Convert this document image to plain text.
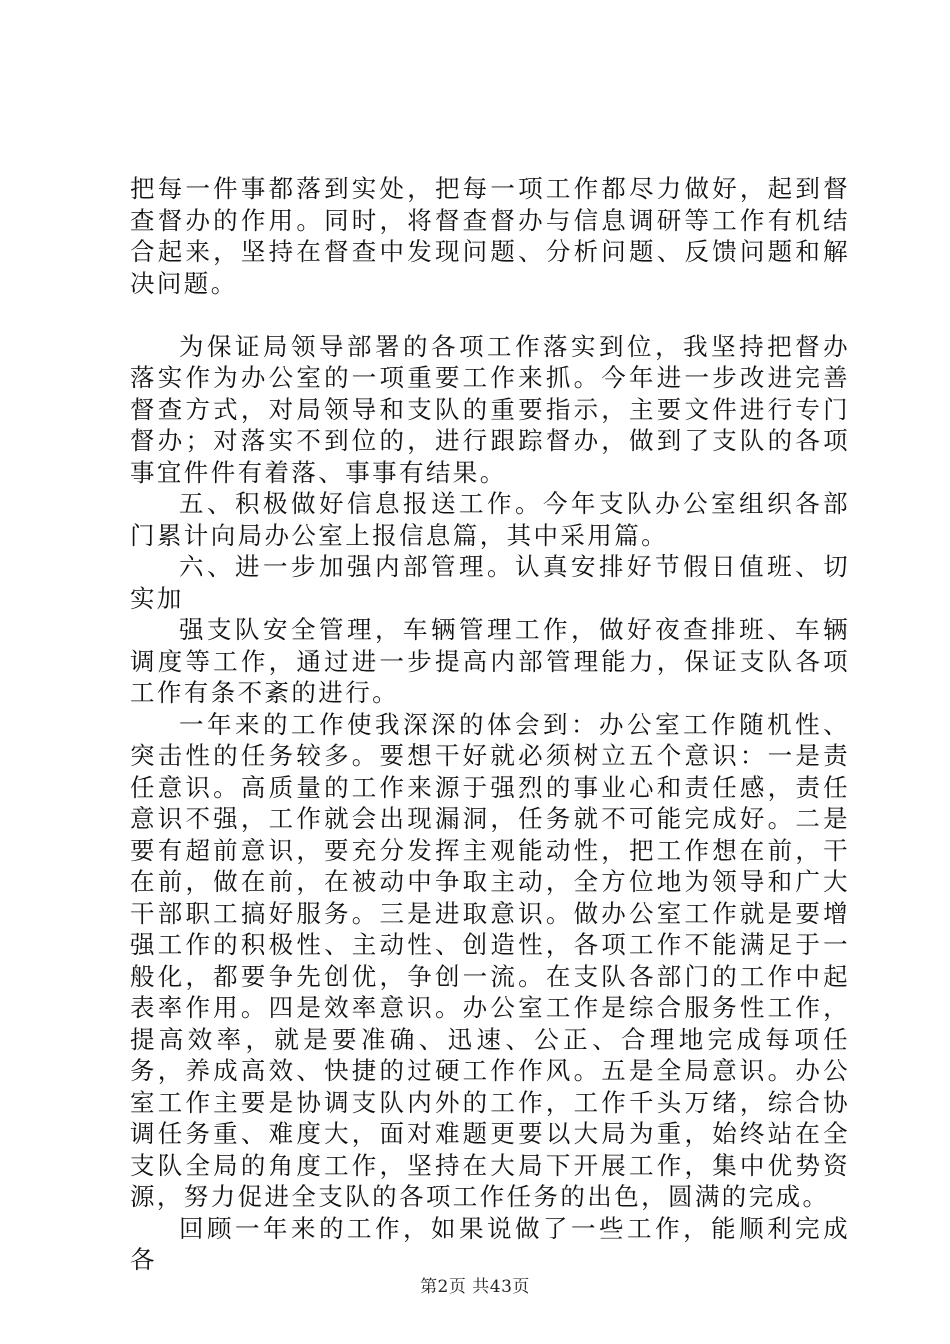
把每一件事都落到实处，把每一项工作都尽力做好，起到督查督办的作用。同时，将督查督办与信息调研等工作有机结合起来，坚持在督查中发现问题、分析问题、反馈问题和解决问题。

为保证局领导部署的各项工作落实到位，我坚持把督办落实作为办公室的一项重要工作来抓。今年进一步改进完善督查方式，对局领导和支队的重要指示，主要文件进行专门督办；对落实不到位的，进行跟踪督办，做到了支队的各项事宜件件有着落、事事有结果。

五、积极做好信息报送工作。今年支队办公室组织各部门累计向局办公室上报信息篇，其中采用篇。

六、进一步加强内部管理。认真安排好节假日值班、切实加

强支队安全管理，车辆管理工作，做好夜查排班、车辆调度等工作，通过进一步提高内部管理能力，保证支队各项工作有条不紊的进行。

一年来的工作使我深深的体会到：办公室工作随机性、突击性的任务较多。要想干好就必须树立五个意识：一是责任意识。高质量的工作来源于强烈的事业心和责任感，责任意识不强，工作就会出现漏洞，任务就不可能完成好。二是要有超前意识，要充分发挥主观能动性，把工作想在前，干在前，做在前，在被动中争取主动，全方位地为领导和广大干部职工搞好服务。三是进取意识。做办公室工作就是要增强工作的积极性、主动性、创造性，各项工作不能满足于一般化，都要争先创优，争创一流。在支队各部门的工作中起表率作用。四是效率意识。办公室工作是综合服务性工作，提高效率，就是要准确、迅速、公正、合理地完成每项任务，养成高效、快捷的过硬工作作风。五是全局意识。办公室工作主要是协调支队内外的工作，工作千头万绪，综合协调任务重、难度大，面对难题更要以大局为重，始终站在全支队全局的角度工作，坚持在大局下开展工作，集中优势资源，努力促进全支队的各项工作任务的出色，圆满的完成。

回顾一年来的工作，如果说做了一些工作，能顺利完成各

第2页 共43页
